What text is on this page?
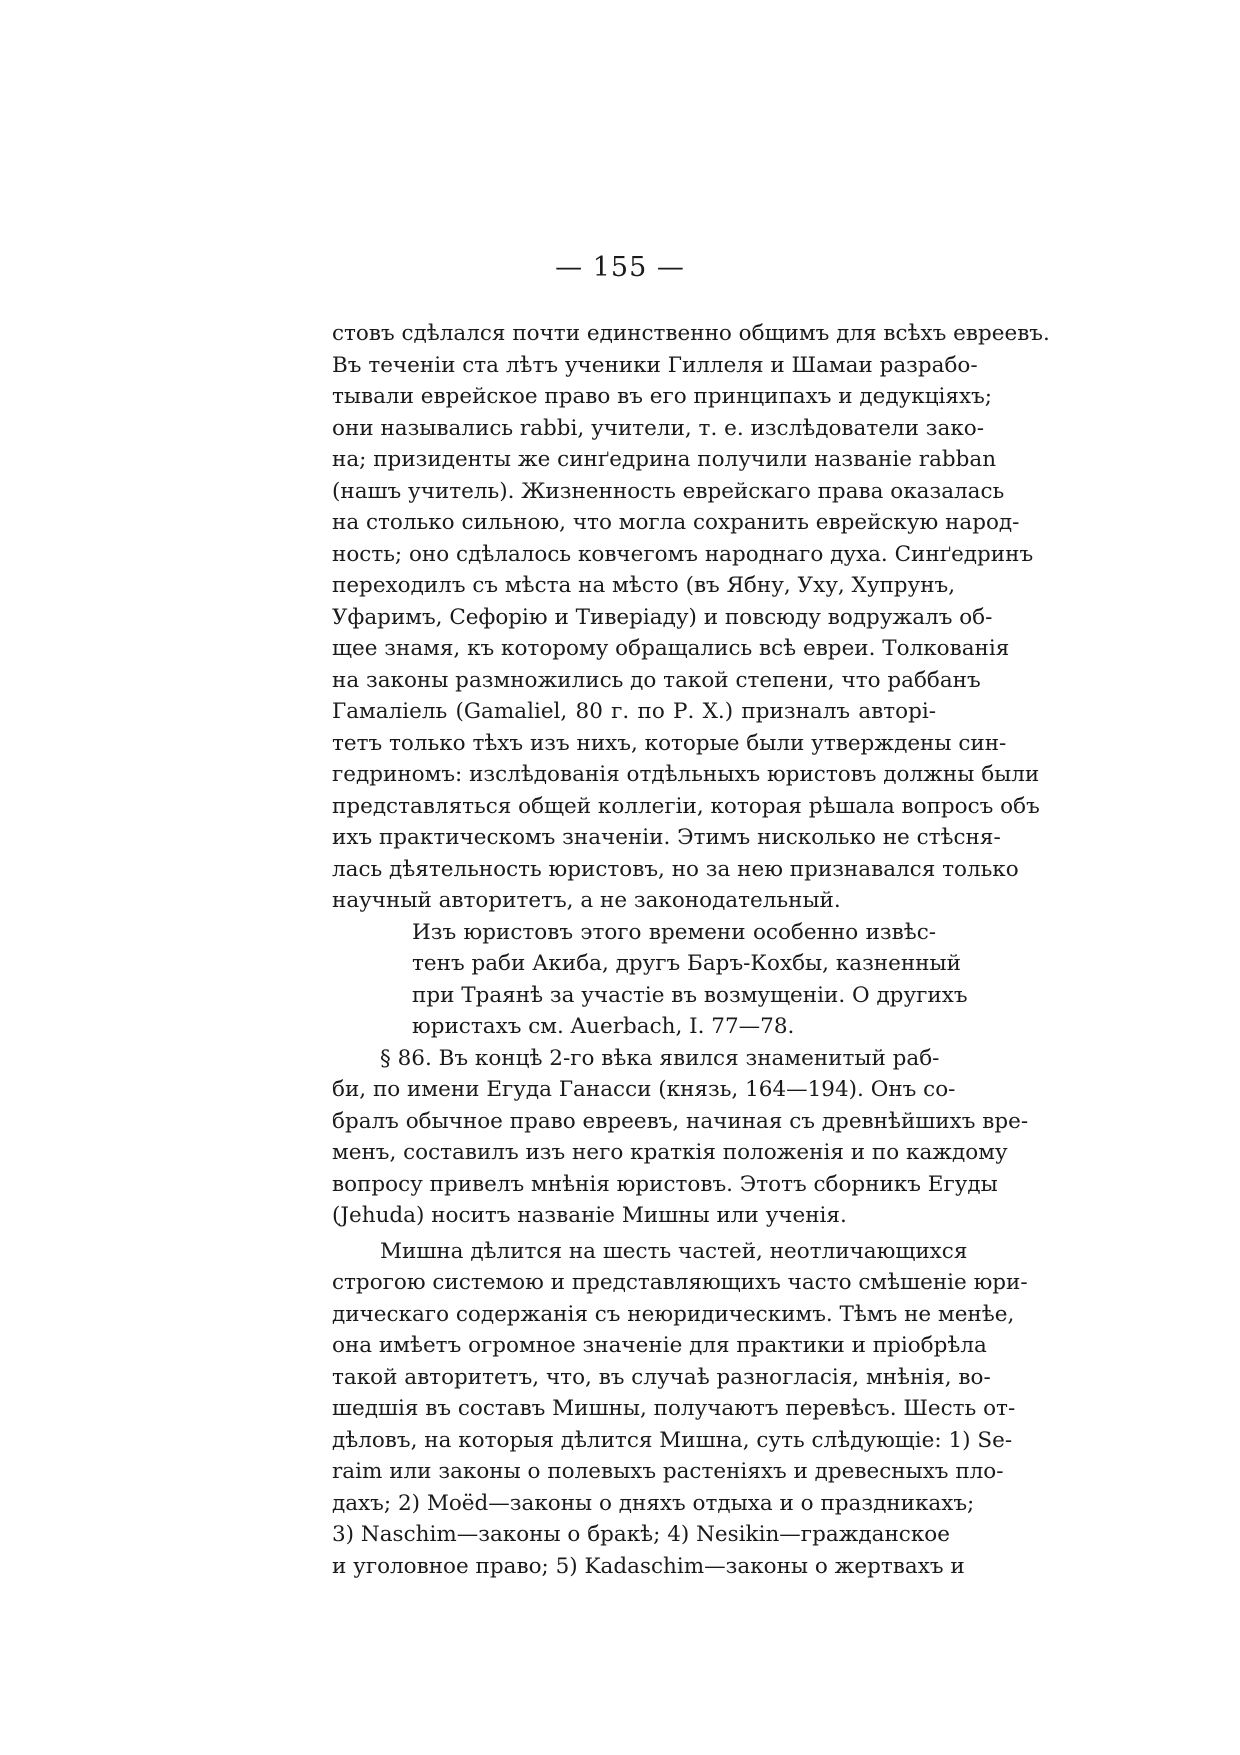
— 155 —
стовъ сдѣлался почти единственно общимъ для всѣхъ евреевъ.
Въ теченіи ста лѣтъ ученики Гиллеля и Шамаи разрабо-
тывали еврейское право въ его принципахъ и дедукціяхъ;
они назывались rabbi, учители, т. е. изслѣдователи зако-
на; призиденты же синґедрина получили названіе rabban
(нашъ учитель). Жизненность еврейскаго права оказалась
на столько сильною, что могла сохранить еврейскую народ-
ность; оно сдѣлалось ковчегомъ народнаго духа. Синґедринъ
переходилъ съ мѣста на мѣсто (въ Ябну, Уху, Хупрунъ,
Уфаримъ, Сефорію и Тиверіаду) и повсюду водружалъ об-
щее знамя, къ которому обращались всѣ евреи. Толкованія
на законы размножились до такой степени, что раббанъ
Гамаліель (Gamaliel, 80 г. по Р. Х.) призналъ авторі-
тетъ только тѣхъ изъ нихъ, которые были утверждены син-
гедриномъ: изслѣдованія отдѣльныхъ юристовъ должны были
представляться общей коллегіи, которая рѣшала вопросъ объ
ихъ практическомъ значеніи. Этимъ нисколько не стѣсня-
лась дѣятельность юристовъ, но за нею признавался только
научный авторитетъ, а не законодательный.
Изъ юристовъ этого времени особенно извѣс-
тенъ раби Акиба, другъ Баръ-Кохбы, казненный
при Траянѣ за участіе въ возмущеніи. О другихъ
юристахъ см. Auerbach, I. 77—78.
§ 86. Въ концѣ 2-го вѣка явился знаменитый раб-
би, по имени Егуда Ганасси (князь, 164—194). Онъ со-
бралъ обычное право евреевъ, начиная съ древнѣйшихъ вре-
менъ, составилъ изъ него краткія положенія и по каждому
вопросу привелъ мнѣнія юристовъ. Этотъ сборникъ Егуды
(Jehuda) носитъ названіе Мишны или ученія.
Мишна дѣлится на шесть частей, неотличающихся
строгою системою и представляющихъ часто смѣшеніе юри-
дическаго содержанія съ неюридическимъ. Тѣмъ не менѣе,
она имѣетъ огромное значеніе для практики и пріобрѣла
такой авторитетъ, что, въ случаѣ разногласія, мнѣнія, во-
шедшія въ составъ Мишны, получаютъ перевѣсъ. Шесть от-
дѣловъ, на которыя дѣлится Мишна, суть слѣдующіе: 1) Se-
raim или законы о полевыхъ растеніяхъ и древесныхъ пло-
дахъ; 2) Moëd—законы о дняхъ отдыха и о праздникахъ;
3) Naschim—законы о бракѣ; 4) Nesikin—гражданское
и уголовное право; 5) Kadaschim—законы о жертвахъ и
